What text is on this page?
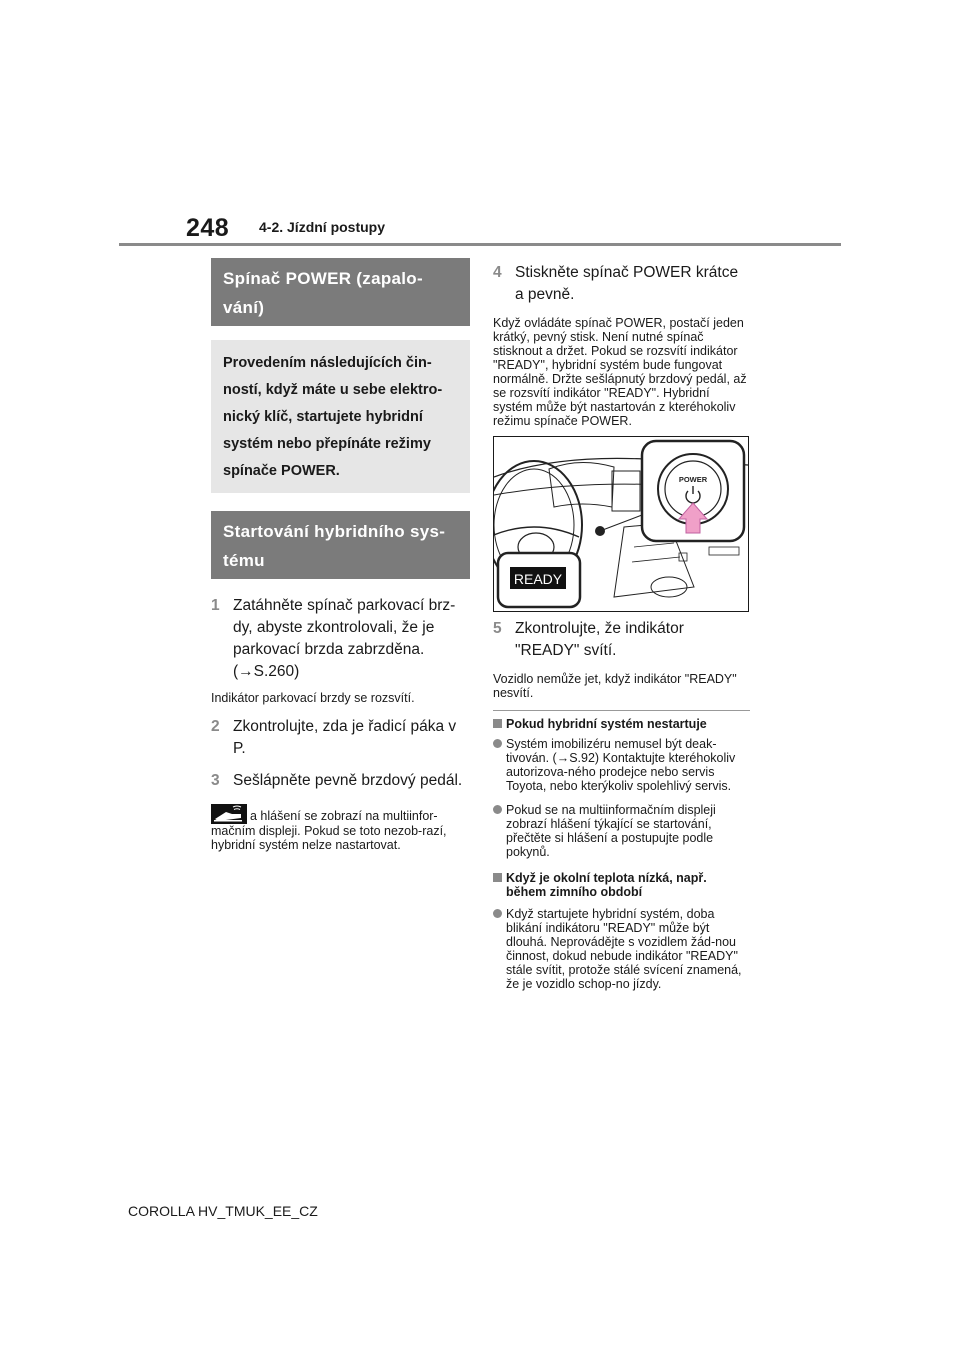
248 4-2. Jízdní postupy
Spínač POWER (zapalo-vání)
Provedením následujících čin-ností, když máte u sebe elektro-nický klíč, startujete hybridní systém nebo přepínáte režimy spínače POWER.
Startování hybridního sys-tému
1 Zatáhněte spínač parkovací brz-dy, abyste zkontrolovali, že je parkovací brzda zabrzděna. (→S.260)
Indikátor parkovací brzdy se rozsvítí.
2 Zkontrolujte, zda je řadicí páka v P.
3 Sešlápněte pevně brzdový pedál.
a hlášení se zobrazí na multiinfor-mačním displeji. Pokud se toto nezob-razí, hybridní systém nelze nastartovat.
4 Stiskněte spínač POWER krátce a pevně.
Když ovládáte spínač POWER, postačí jeden krátký, pevný stisk. Není nutné spínač stisknout a držet. Pokud se rozsvítí indikátor "READY", hybridní systém bude fungovat normálně. Držte sešlápnutý brzdový pedál, až se rozsvítí indikátor "READY". Hybridní systém může být nastartován z kteréhokoliv režimu spínače POWER.
POWER
READY
5 Zkontrolujte, že indikátor "READY" svítí.
Vozidlo nemůže jet, když indikátor "READY" nesvítí.
Pokud hybridní systém nestartuje
Systém imobilizéru nemusel být deak-tivován. (→S.92) Kontaktujte kteréhokoliv autorizova-ného prodejce nebo servis Toyota, nebo kterýkoliv spolehlivý servis.
Pokud se na multiinformačním displeji zobrazí hlášení týkající se startování, přečtěte si hlášení a postupujte podle pokynů.
Když je okolní teplota nízká, např. během zimního období
Když startujete hybridní systém, doba blikání indikátoru "READY" může být dlouhá. Neprovádějte s vozidlem žád-nou činnost, dokud nebude indikátor "READY" stále svítit, protože stálé svícení znamená, že je vozidlo schop-no jízdy.
COROLLA HV_TMUK_EE_CZ
